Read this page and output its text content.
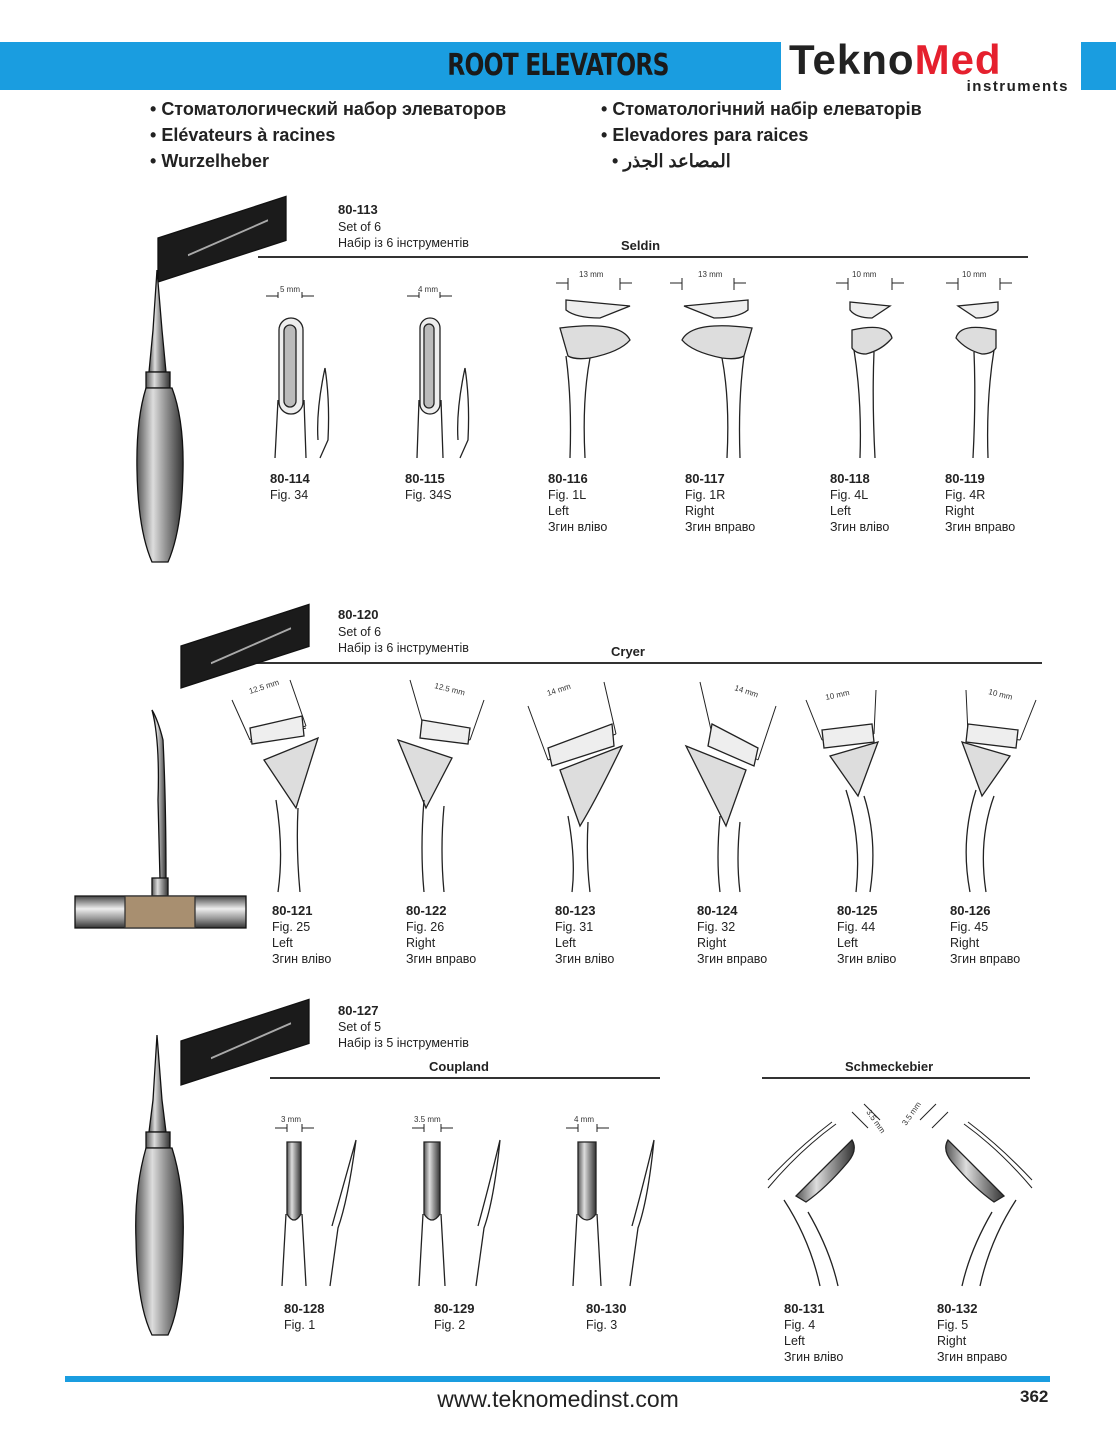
ROOT ELEVATORS	TeknoMed
instruments
• Стоматологический набор элеваторов
• Elévateurs à racines
• Wurzelheber
• Стоматологічний набір елеваторів
• Elevadores para raices
المصاعد الجذر •
80-113
Set of 6
Набір із 6 інструментів	Seldin
80-114
Fig. 34
80-115
Fig. 34S
80-116
Fig. 1L
Left
Згин вліво
80-117
Fig. 1R
Right
Згин вправо
80-118
Fig. 4L
Left
Згин вліво
80-119
Fig. 4R
Right
Згин вправо
80-120
Set of 6
Набір із 6 інструментів	Cryer
80-121
Fig. 25
Left
Згин вліво
80-122
Fig. 26
Right
Згин вправо
80-123
Fig. 31
Left
Згин вліво
80-124
Fig. 32
Right
Згин вправо
80-125
Fig. 44
Left
Згин вліво
80-126
Fig. 45
Right
Згин вправо
80-127
Set of 5
Набір із 5 інструментів
Coupland	Schmeckebier
80-128
Fig. 1
80-129
Fig. 2
80-130
Fig. 3
80-131
Fig. 4
Left
Згин вліво
80-132
Fig. 5
Right
Згин вправо
www.teknomedinst.com	362
5 mm	4 mm
13 mm	13 mm	10 mm	10 mm
12.5 mm	12.5 mm	14 mm	14 mm	10 mm	10 mm
3 mm	3.5 mm	4 mm	3.5 mm 3.5 mm
